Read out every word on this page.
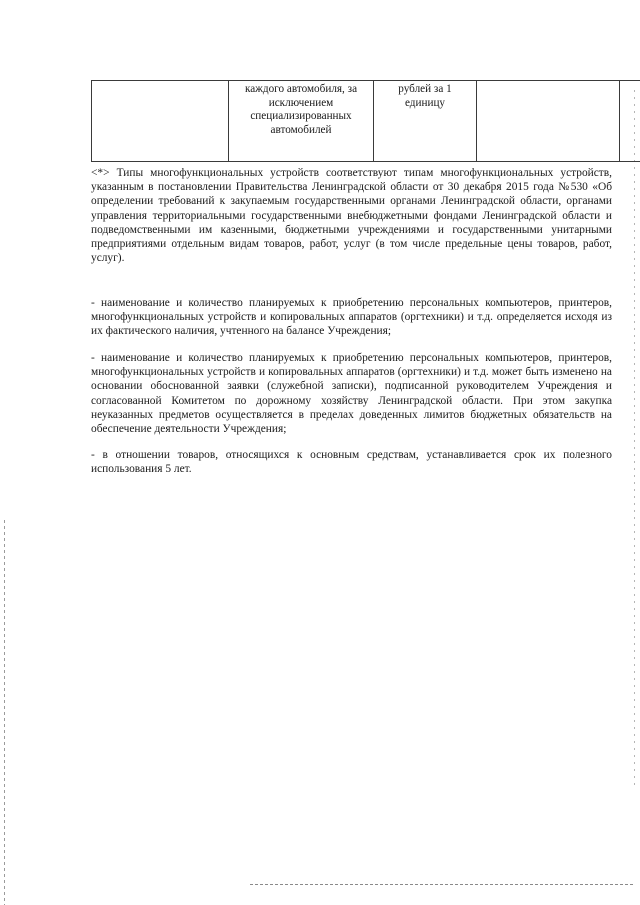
	каждого автомобиля, за исключением специализированных автомобилей	рублей за 1 единицу		
<*> Типы многофункциональных устройств соответствуют типам многофункциональных устройств, указанным в постановлении Правительства Ленинградской области от 30 декабря 2015 года №530 «Об определении требований к закупаемым государственными органами Ленинградской области, органами управления территориальными государственными внебюджетными фондами Ленинградской области и подведомственными им казенными, бюджетными учреждениями и государственными унитарными предприятиями отдельным видам товаров, работ, услуг (в том числе предельные цены товаров, работ, услуг).
- наименование и количество планируемых к приобретению персональных компьютеров, принтеров, многофункциональных устройств и копировальных аппаратов (оргтехники) и т.д. определяется исходя из их фактического наличия, учтенного на балансе Учреждения;
- наименование и количество планируемых к приобретению персональных компьютеров, принтеров, многофункциональных устройств и копировальных аппаратов (оргтехники) и т.д. может быть изменено на основании обоснованной заявки (служебной записки), подписанной руководителем Учреждения и согласованной Комитетом по дорожному хозяйству Ленинградской области. При этом закупка неуказанных предметов осуществляется в пределах доведенных лимитов бюджетных обязательств на обеспечение деятельности Учреждения;
- в отношении товаров, относящихся к основным средствам, устанавливается срок их полезного использования 5 лет.
